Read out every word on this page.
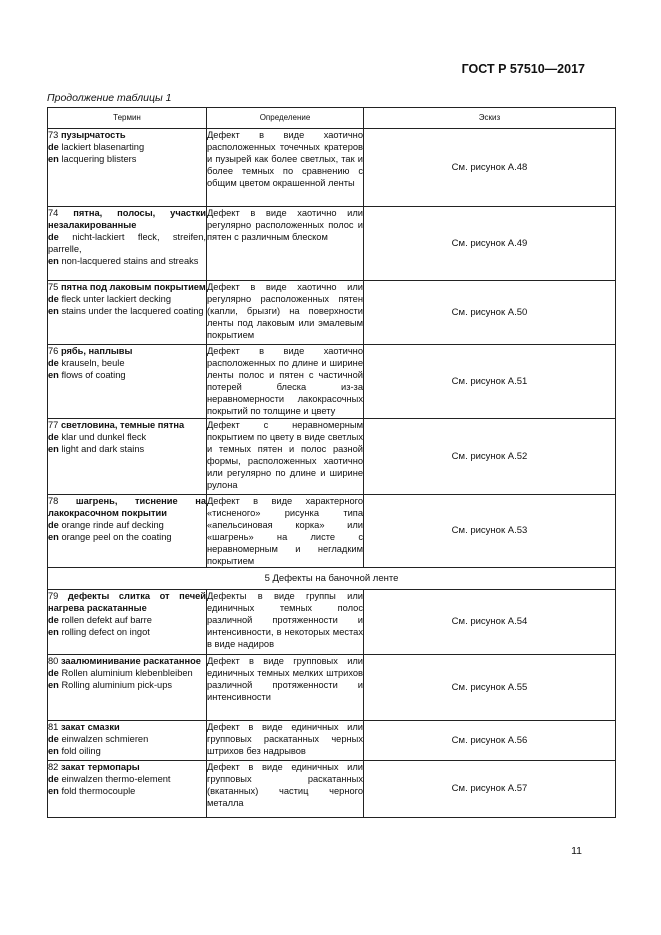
ГОСТ Р 57510—2017
Продолжение таблицы 1
Термин	Определение	Эскиз

73 пузырчатость
de lackiert blasenarting
en lacquering blisters	Дефект в виде хаотично расположенных точечных кратеров и пузырей как более светлых, так и более темных по сравнению с общим цветом окрашенной ленты	См. рисунок А.48

74 пятна, полосы, участки незалакированные
de nicht-lackiert fleck, streifen, parrelle,
en non-lacquered stains and streaks	Дефект в виде хаотично или регулярно расположенных полос и пятен с различным блеском	См. рисунок А.49

75 пятна под лаковым покрытием
de fleck unter lackiert decking
en stains under the lacquered coating	Дефект в виде хаотично или регулярно расположенных пятен (капли, брызги) на поверхности ленты под лаковым или эмалевым покрытием	См. рисунок А.50

76 рябь, наплывы
de krauseln, beule
en flows of coating	Дефект в виде хаотично расположенных по длине и ширине ленты полос и пятен с частичной потерей блеска из-за неравномерности лакокрасочных покрытий по толщине и цвету	См. рисунок А.51

77 светловина, темные пятна
de klar und dunkel fleck
en light and dark stains	Дефект с неравномерным покрытием по цвету в виде светлых и темных пятен и полос разной формы, расположенных хаотично или регулярно по длине и ширине рулона	См. рисунок А.52

78 шагрень, тиснение на лакокрасочном покрытии
de orange rinde auf decking
en orange peel on the coating	Дефект в виде характерного «тисненого» рисунка типа «апельсиновая корка» или «шагрень» на листе с неравномерным и негладким покрытием	См. рисунок А.53
5 Дефекты на баночной ленте		

79 дефекты слитка от печей нагрева раскатанные
de rollen defekt auf barre
en rolling defect on ingot	Дефекты в виде группы или единичных темных полос различной протяженности и интенсивности, в некоторых местах в виде надиров	См. рисунок А.54

80 заалюминивание раскатанное
de Rollen aluminium klebenbleiben
en Rolling aluminium pick-ups	Дефект в виде групповых или единичных темных мелких штрихов различной протяженности и интенсивности	См. рисунок А.55

81 закат смазки
de einwalzen schmieren
en fold oiling	Дефект в виде единичных или групповых раскатанных черных штрихов без надрывов	См. рисунок А.56

82 закат термопары
de einwalzen thermo-element
en fold thermocouple	Дефект в виде единичных или групповых раскатанных (вкатанных) частиц черного металла	См. рисунок А.57
11
